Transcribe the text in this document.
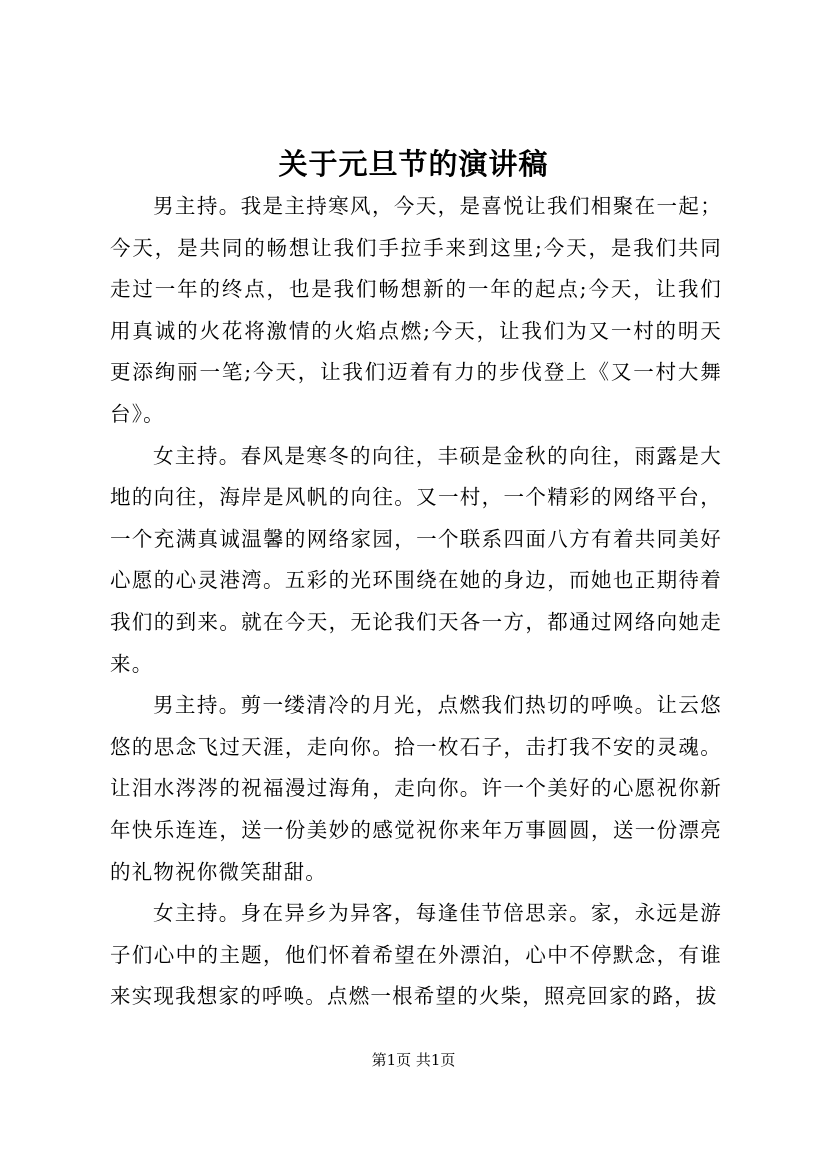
关于元旦节的演讲稿

男主持。我是主持寒风，今天，是喜悦让我们相聚在一起；今天，是共同的畅想让我们手拉手来到这里;今天，是我们共同走过一年的终点，也是我们畅想新的一年的起点;今天，让我们用真诚的火花将激情的火焰点燃;今天，让我们为又一村的明天更添绚丽一笔;今天，让我们迈着有力的步伐登上《又一村大舞台》。

女主持。春风是寒冬的向往，丰硕是金秋的向往，雨露是大地的向往，海岸是风帆的向往。又一村，一个精彩的网络平台，一个充满真诚温馨的网络家园，一个联系四面八方有着共同美好心愿的心灵港湾。五彩的光环围绕在她的身边，而她也正期待着我们的到来。就在今天，无论我们天各一方，都通过网络向她走来。

男主持。剪一缕清冷的月光，点燃我们热切的呼唤。让云悠悠的思念飞过天涯，走向你。拾一枚石子，击打我不安的灵魂。让泪水涔涔的祝福漫过海角，走向你。许一个美好的心愿祝你新年快乐连连，送一份美妙的感觉祝你来年万事圆圆，送一份漂亮的礼物祝你微笑甜甜。

女主持。身在异乡为异客，每逢佳节倍思亲。家，永远是游子们心中的主题，他们怀着希望在外漂泊，心中不停默念，有谁来实现我想家的呼唤。点燃一根希望的火柴，照亮回家的路，拔

第1页 共1页
